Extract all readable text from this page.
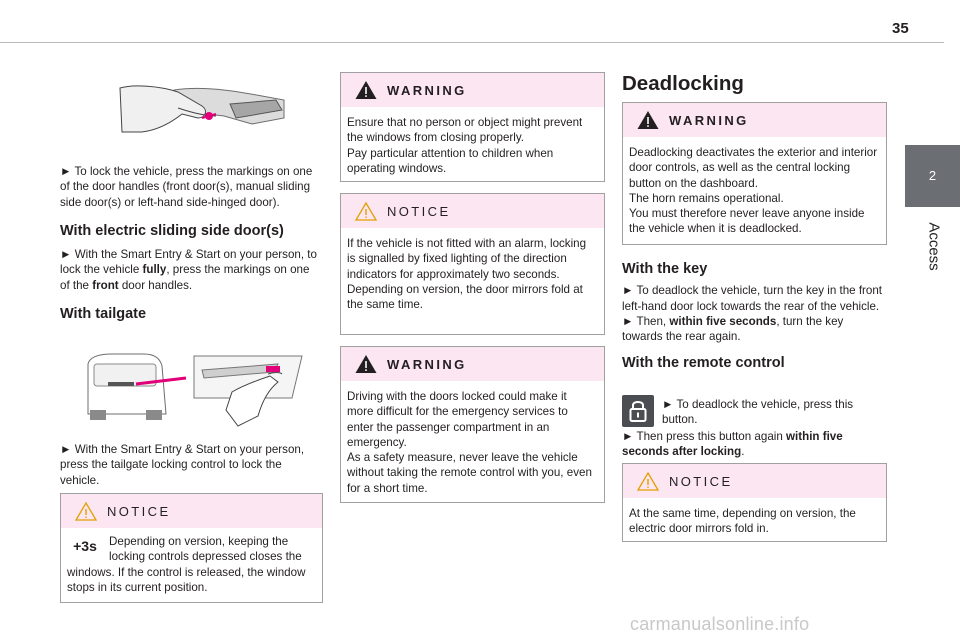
35
2
Access

► To lock the vehicle, press the markings on one of the door handles (front door(s), manual sliding side door(s) or left-hand side-hinged door).

With electric sliding side door(s)

► With the Smart Entry & Start on your person, to lock the vehicle fully, press the markings on one of the front door handles.

With tailgate

► With the Smart Entry & Start on your person, press the tailgate locking control to lock the vehicle.

NOTICE
+3s	Depending on version, keeping the locking controls depressed closes the windows. If the control is released, the window stops in its current position.
WARNING
Ensure that no person or object might prevent the windows from closing properly.
Pay particular attention to children when operating windows.
NOTICE
If the vehicle is not fitted with an alarm, locking is signalled by fixed lighting of the direction indicators for approximately two seconds.
Depending on version, the door mirrors fold at the same time.
WARNING
Driving with the doors locked could make it more difficult for the emergency services to enter the passenger compartment in an emergency.
As a safety measure, never leave the vehicle without taking the remote control with you, even for a short time.
Deadlocking
WARNING
Deadlocking deactivates the exterior and interior door controls, as well as the central locking button on the dashboard.
The horn remains operational.
You must therefore never leave anyone inside the vehicle when it is deadlocked.
With the key

► To deadlock the vehicle, turn the key in the front left-hand door lock towards the rear of the vehicle.

► Then, within five seconds, turn the key towards the rear again.

With the remote control
► To deadlock the vehicle, press this button.
► Then press this button again within five seconds after locking.
NOTICE
At the same time, depending on version, the electric door mirrors fold in.
carmanualsonline.info
